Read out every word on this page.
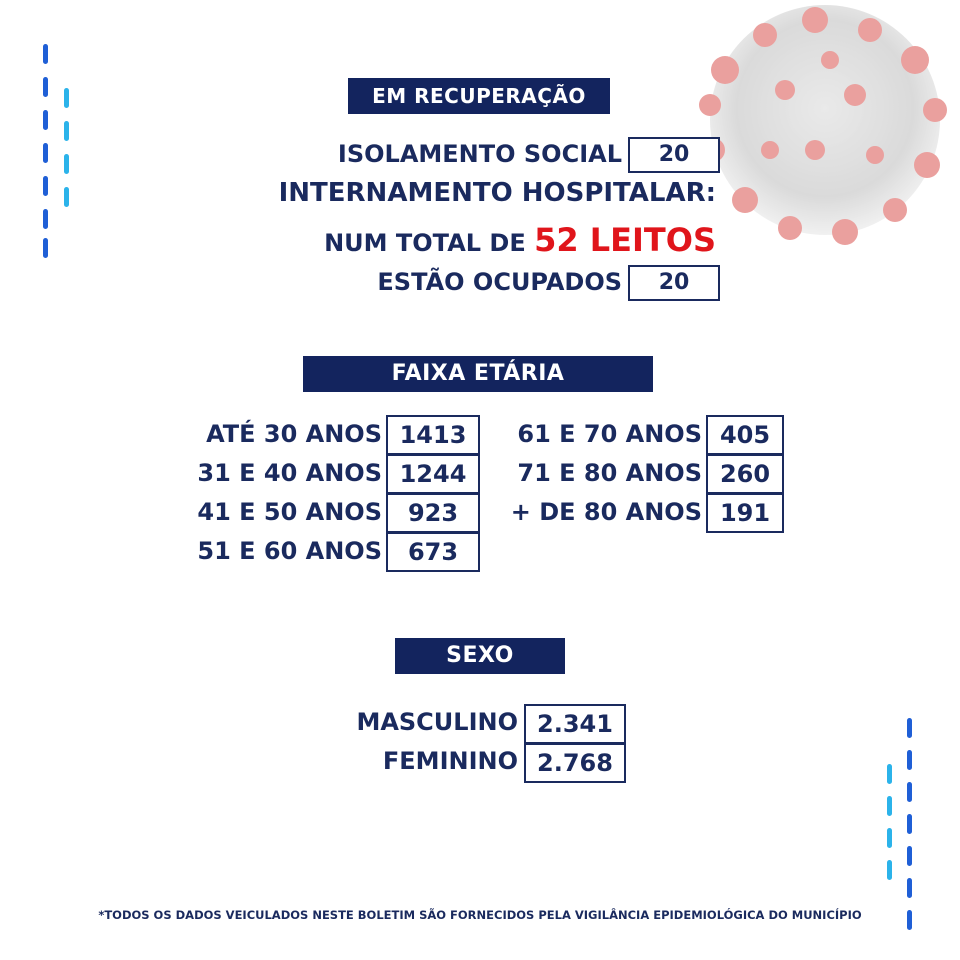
EM RECUPERAÇÃO
ISOLAMENTO SOCIAL	20
INTERNAMENTO HOSPITALAR:
NUM TOTAL DE 52 LEITOS
ESTÃO OCUPADOS	20
FAIXA ETÁRIA
ATÉ 30 ANOS 1413
31 E 40 ANOS 1244
41 E 50 ANOS	923
51 E 60 ANOS	673
61 E 70 ANOS 405
71 E 80 ANOS 260
+ DE 80 ANOS 191
SEXO
MASCULINO 2.341
FEMININO 2.768
*TODOS OS DADOS VEICULADOS NESTE BOLETIM SÃO FORNECIDOS PELA VIGILÂNCIA EPIDEMIOLÓGICA DO MUNICÍPIO
